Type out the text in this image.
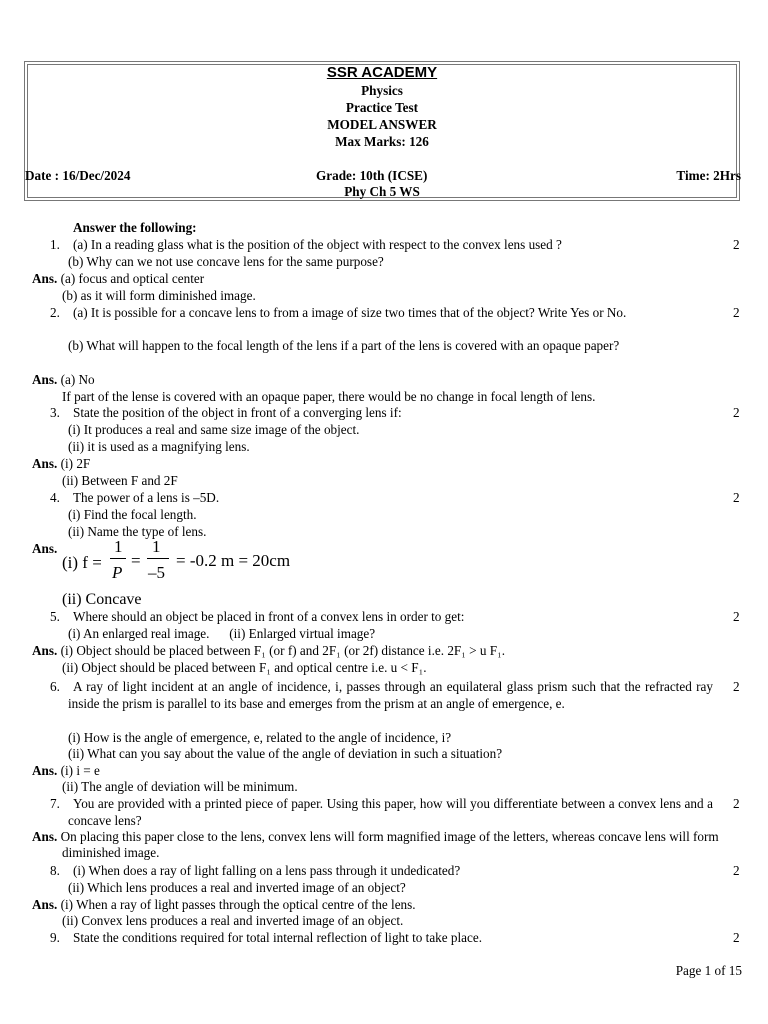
SSR ACADEMY
Physics
Practice Test
MODEL ANSWER
Max Marks: 126
Date : 16/Dec/2024	Grade: 10th (ICSE)	Time: 2Hrs
Phy Ch 5 WS
Answer the following:
1. (a) In a reading glass what is the position of the object with respect to the convex lens used ?	2
(b) Why can we not use concave lens for the same purpose?
Ans. (a) focus and optical center
(b) as it will form diminished image.
2. (a) It is possible for a concave lens to from a image of size two times that of the object? Write Yes or No.	2
(b) What will happen to the focal length of the lens if a part of the lens is covered with an opaque paper?
Ans. (a) No
If part of the lense is covered with an opaque paper, there would be no change in focal length of lens.
3. State the position of the object in front of a converging lens if:	2
(i) It produces a real and same size image of the object.
(ii) it is used as a magnifying lens.
Ans. (i) 2F
(ii) Between F and 2F
4. The power of a lens is –5D.	2
(i) Find the focal length.
(ii) Name the type of lens.
Ans.
(i) f =
1
P
=
1
–5
= -0.2 m = 20cm
(ii) Concave
5. Where should an object be placed in front of a convex lens in order to get:	2
(i) An enlarged real image.      (ii) Enlarged virtual image?
Ans. (i) Object should be placed between F₁ (or f) and 2F₁ (or 2f) distance i.e. 2F₁ > u F₁.
(ii) Object should be placed between F₁ and optical centre i.e. u < F₁.
6. A ray of light incident at an angle of incidence, i, passes through an equilateral glass prism such that the refracted ray inside the prism is parallel to its base and emerges from the prism at an angle of emergence, e.
2
(i) How is the angle of emergence, e, related to the angle of incidence, i?
(ii) What can you say about the value of the angle of deviation in such a situation?
Ans. (i) i = e
(ii) The angle of deviation will be minimum.
7. You are provided with a printed piece of paper. Using this paper, how will you differentiate between a convex lens and a concave lens?
2
Ans. On placing this paper close to the lens, convex lens will form magnified image of the letters, whereas concave lens will form diminished image.
8. (i) When does a ray of light falling on a lens pass through it undedicated?	2
(ii) Which lens produces a real and inverted image of an object?
Ans. (i) When a ray of light passes through the optical centre of the lens.
(ii) Convex lens produces a real and inverted image of an object.
9. State the conditions required for total internal reflection of light to take place.	2
Page 1 of 15
